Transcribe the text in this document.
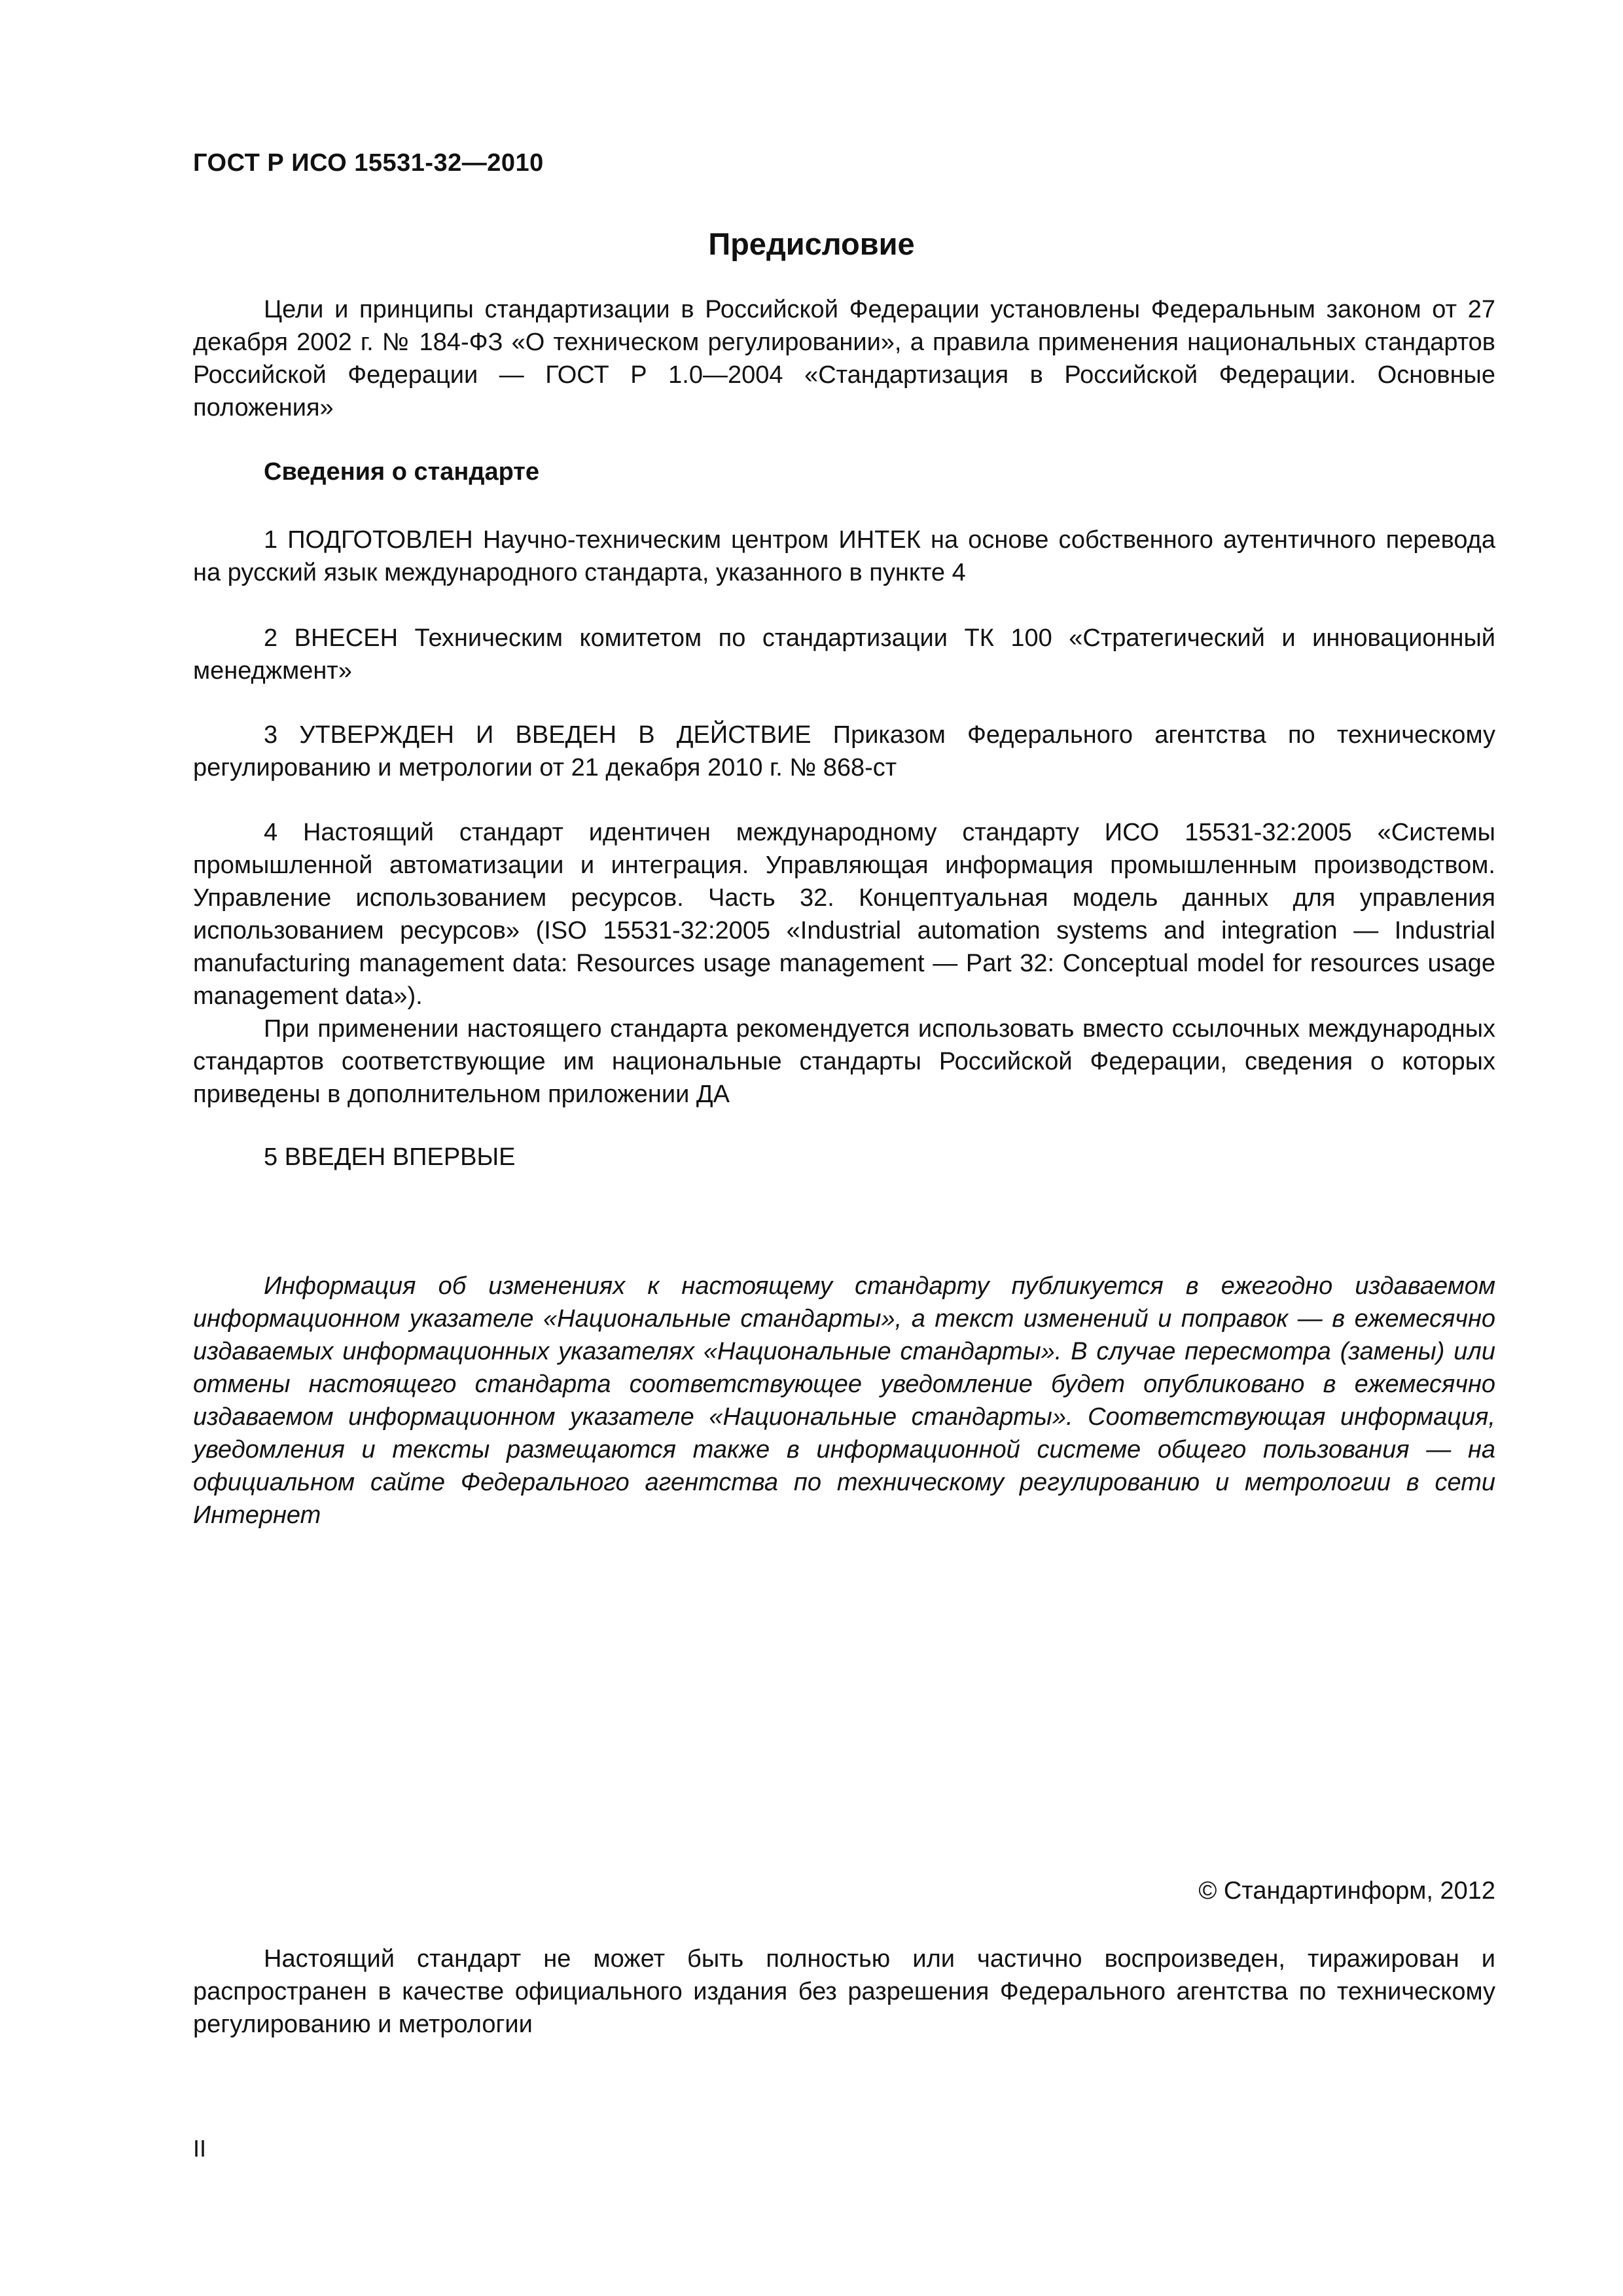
ГОСТ Р ИСО 15531-32—2010
Предисловие

Цели и принципы стандартизации в Российской Федерации установлены Федеральным законом от 27 декабря 2002 г. № 184-ФЗ «О техническом регулировании», а правила применения национальных стандартов Российской Федерации — ГОСТ Р 1.0—2004 «Стандартизация в Российской Федерации. Основные положения»

Сведения о стандарте

1 ПОДГОТОВЛЕН Научно-техническим центром ИНТЕК на основе собственного аутентичного перевода на русский язык международного стандарта, указанного в пункте 4

2 ВНЕСЕН Техническим комитетом по стандартизации ТК 100 «Стратегический и инновационный менеджмент»

3 УТВЕРЖДЕН И ВВЕДЕН В ДЕЙСТВИЕ Приказом Федерального агентства по техническому регулированию и метрологии от 21 декабря 2010 г. № 868-ст

4 Настоящий стандарт идентичен международному стандарту ИСО 15531-32:2005 «Системы промышленной автоматизации и интеграция. Управляющая информация промышленным производством. Управление использованием ресурсов. Часть 32. Концептуальная модель данных для управления использованием ресурсов» (ISO 15531-32:2005 «Industrial automation systems and integration — Industrial manufacturing management data: Resources usage management — Part 32: Conceptual model for resources usage management data»).

При применении настоящего стандарта рекомендуется использовать вместо ссылочных международных стандартов соответствующие им национальные стандарты Российской Федерации, сведения о которых приведены в дополнительном приложении ДА

5 ВВЕДЕН ВПЕРВЫЕ

Информация об изменениях к настоящему стандарту публикуется в ежегодно издаваемом информационном указателе «Национальные стандарты», а текст изменений и поправок — в ежемесячно издаваемых информационных указателях «Национальные стандарты». В случае пересмотра (замены) или отмены настоящего стандарта соответствующее уведомление будет опубликовано в ежемесячно издаваемом информационном указателе «Национальные стандарты». Соответствующая информация, уведомления и тексты размещаются также в информационной системе общего пользования — на официальном сайте Федерального агентства по техническому регулированию и метрологии в сети Интернет

© Стандартинформ, 2012

Настоящий стандарт не может быть полностью или частично воспроизведен, тиражирован и распространен в качестве официального издания без разрешения Федерального агентства по техническому регулированию и метрологии

II
